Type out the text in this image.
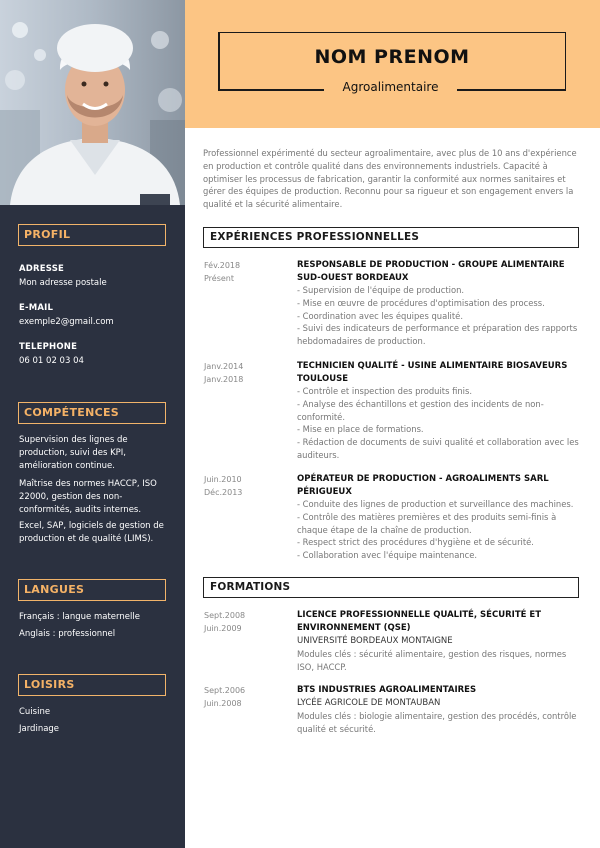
PROFIL
ADRESSE
Mon adresse postale
E-MAIL
exemple2@gmail.com
TELEPHONE
06 01 02 03 04
COMPÉTENCES
Supervision des lignes de production, suivi des KPI, amélioration continue.
Maîtrise des normes HACCP, ISO 22000, gestion des non-conformités, audits internes.
Excel, SAP, logiciels de gestion de production et de qualité (LIMS).
LANGUES
Français : langue maternelle
Anglais : professionnel
LOISIRS
Cuisine
Jardinage
NOM PRENOM
Agroalimentaire
Professionnel expérimenté du secteur agroalimentaire, avec plus de 10 ans d'expérience en production et contrôle qualité dans des environnements industriels. Capacité à optimiser les processus de fabrication, garantir la conformité aux normes sanitaires et gérer des équipes de production. Reconnu pour sa rigueur et son engagement envers la qualité et la sécurité alimentaire.
EXPÉRIENCES PROFESSIONNELLES
Fév.2018
Présent
RESPONSABLE DE PRODUCTION - GROUPE ALIMENTAIRE SUD-OUEST BORDEAUX
- Supervision de l'équipe de production.
- Mise en œuvre de procédures d'optimisation des process.
- Coordination avec les équipes qualité.
- Suivi des indicateurs de performance et préparation des rapports hebdomadaires de production.
Janv.2014
Janv.2018
TECHNICIEN QUALITÉ - USINE ALIMENTAIRE BIOSAVEURS TOULOUSE
- Contrôle et inspection des produits finis.
- Analyse des échantillons et gestion des incidents de non-conformité.
- Mise en place de formations.
- Rédaction de documents de suivi qualité et collaboration avec les auditeurs.
Juin.2010
Déc.2013
OPÉRATEUR DE PRODUCTION - AGROALIMENTS SARL PÉRIGUEUX
- Conduite des lignes de production et surveillance des machines.
- Contrôle des matières premières et des produits semi-finis à chaque étape de la chaîne de production.
- Respect strict des procédures d'hygiène et de sécurité.
- Collaboration avec l'équipe maintenance.
FORMATIONS
Sept.2008
Juin.2009
LICENCE PROFESSIONNELLE QUALITÉ, SÉCURITÉ ET ENVIRONNEMENT (QSE)
UNIVERSITÉ BORDEAUX MONTAIGNE
Modules clés : sécurité alimentaire, gestion des risques, normes ISO, HACCP.
Sept.2006
Juin.2008
BTS INDUSTRIES AGROALIMENTAIRES
LYCÉE AGRICOLE DE MONTAUBAN
Modules clés : biologie alimentaire, gestion des procédés, contrôle qualité et sécurité.
